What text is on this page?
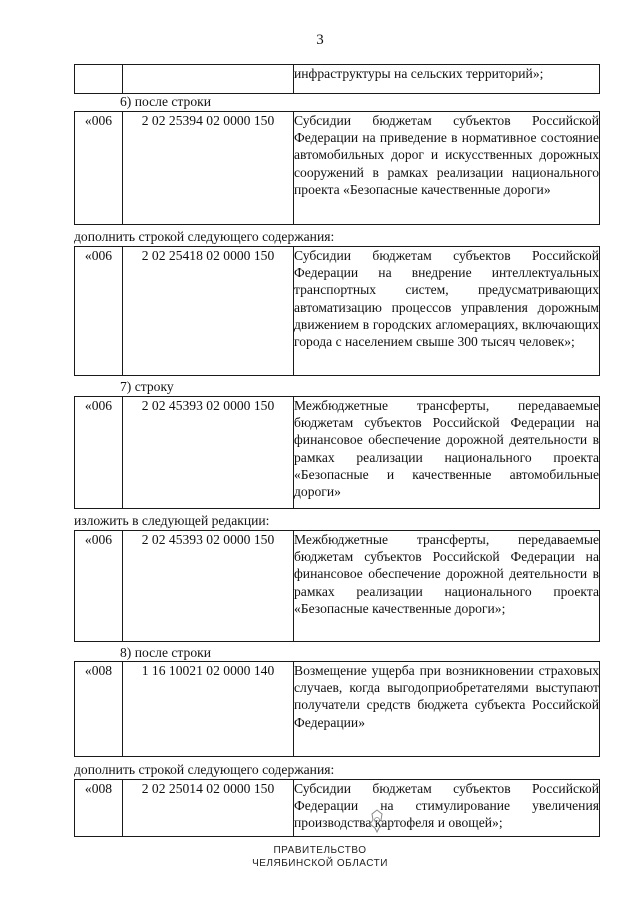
3

инфраструктуры на сельских территорий»;
6) после строки
«006	2 02 25394 02 0000 150	Субсидии бюджетам субъектов Российской Федерации на приведение в нормативное состояние автомобильных дорог и искусственных дорожных сооружений в рамках реализации национального проекта «Безопасные качественные дороги»
дополнить строкой следующего содержания:
«006	2 02 25418 02 0000 150	Субсидии бюджетам субъектов Российской Федерации на внедрение интеллектуальных транспортных систем, предусматривающих автоматизацию процессов управления дорожным движением в городских агломерациях, включающих города с населением свыше 300 тысяч человек»;
7) строку
«006	2 02 45393 02 0000 150	Межбюджетные трансферты, передаваемые бюджетам субъектов Российской Федерации на финансовое обеспечение дорожной деятельности в рамках реализации национального проекта «Безопасные и качественные автомобильные дороги»
изложить в следующей редакции:
«006	2 02 45393 02 0000 150	Межбюджетные трансферты, передаваемые бюджетам субъектов Российской Федерации на финансовое обеспечение дорожной деятельности в рамках реализации национального проекта «Безопасные качественные дороги»;
8) после строки
«008	1 16 10021 02 0000 140	Возмещение ущерба при возникновении страховых случаев, когда выгодоприобретателями выступают получатели средств бюджета субъекта Российской Федерации»
дополнить строкой следующего содержания:
«008	2 02 25014 02 0000 150	Субсидии бюджетам субъектов Российской Федерации на стимулирование увеличения производства картофеля и овощей»;
ПРАВИТЕЛЬСТВО
ЧЕЛЯБИНСКОЙ ОБЛАСТИ
